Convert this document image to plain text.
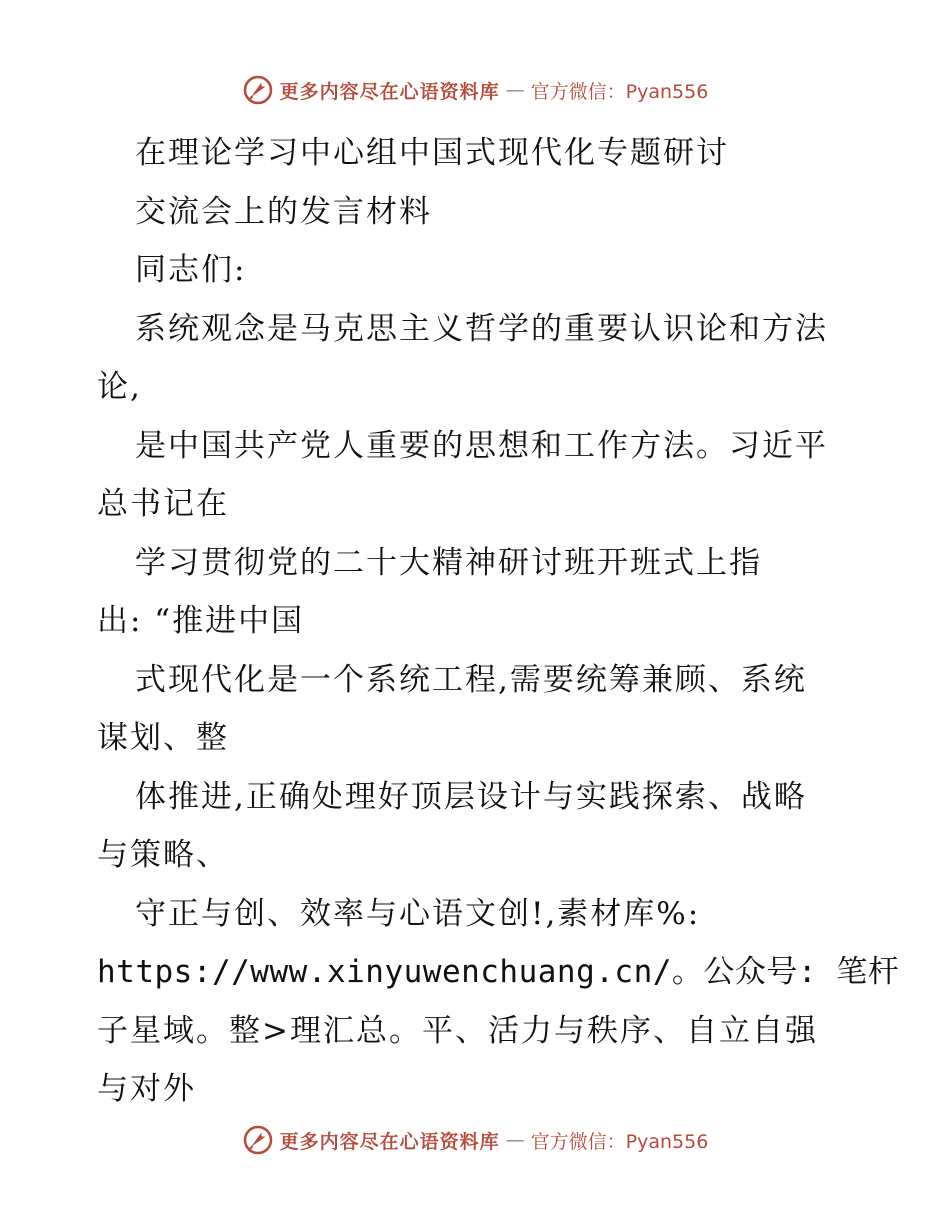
更多内容尽在心语资料库 — 官方微信：Pyan556
在理论学习中心组中国式现代化专题研讨
交流会上的发言材料
同志们:
系统观念是马克思主义哲学的重要认识论和方法
论,
是中国共产党人重要的思想和工作方法。习近平
总书记在
学习贯彻党的二十大精神研讨班开班式上指
出: “推进中国
式现代化是一个系统工程,需要统筹兼顾、系统
谋划、整
体推进,正确处理好顶层设计与实践探索、战略
与策略、
守正与创、效率与心语文创!,素材库%:
https://www.xinyuwenchuang.cn/。公众号: 笔杆
子星域。整>理汇总。平、活力与秩序、自立自强
与对外
更多内容尽在心语资料库 — 官方微信：Pyan556
